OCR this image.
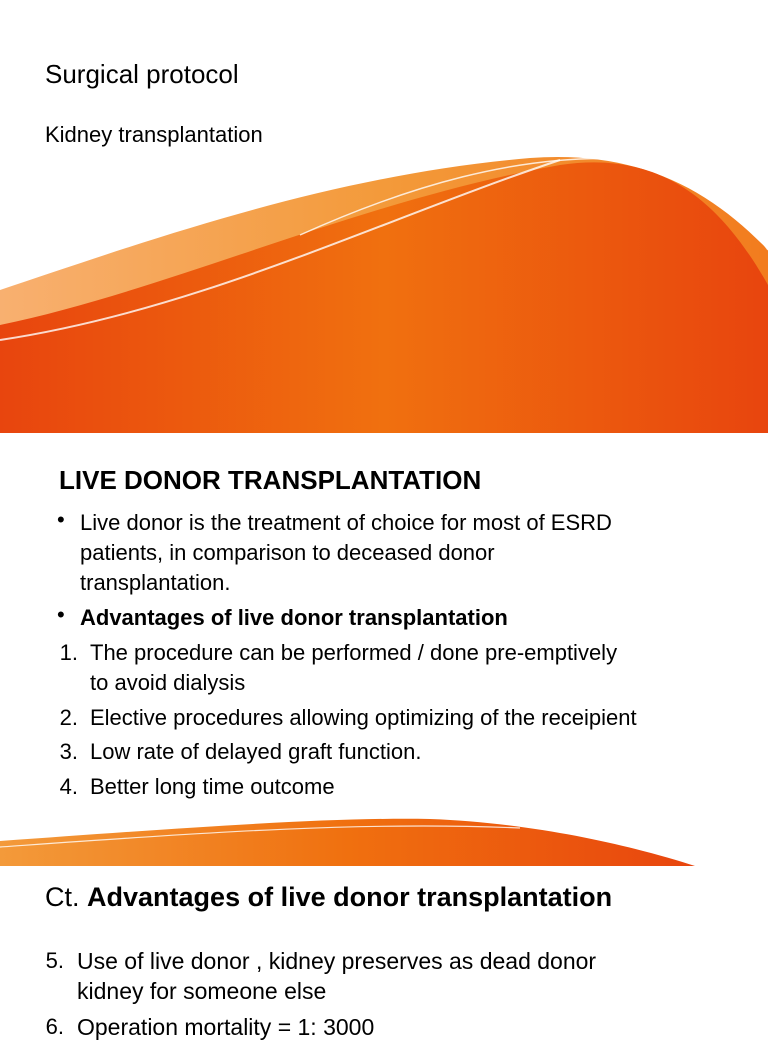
Surgical protocol
Kidney transplantation
LIVE DONOR TRANSPLANTATION
• Live donor is the treatment of choice for most of ESRD
patients, in comparison to deceased donor
transplantation.
• Advantages of live donor transplantation
1. The procedure can be performed / done pre-emptively
to avoid dialysis
2. Elective procedures allowing optimizing of the receipient
3. Low rate of delayed graft function.
4. Better long time outcome
Ct. Advantages of live donor transplantation
5. Use of live donor , kidney preserves as dead donor
kidney for someone else
6. Operation mortality = 1: 3000
